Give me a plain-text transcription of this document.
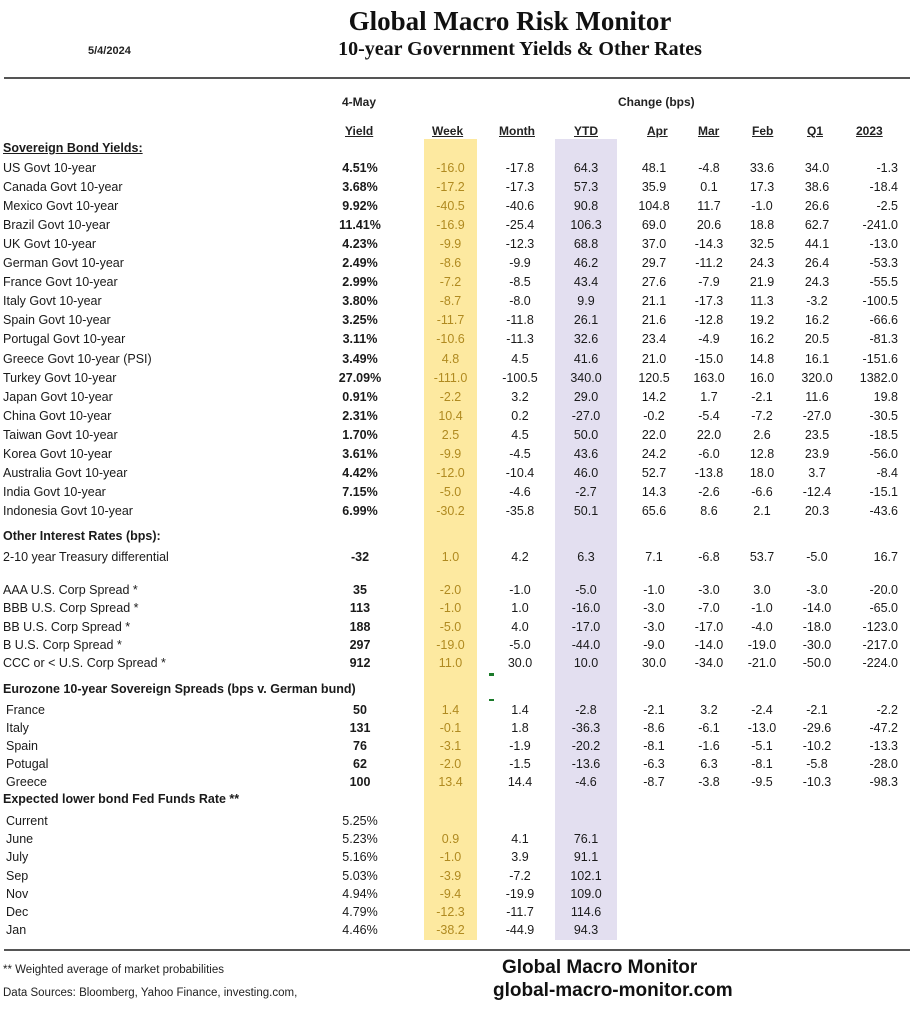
Global Macro Risk Monitor
10-year Government Yields & Other Rates
5/4/2024
4-May	Change (bps)
Yield	Week	Month	YTD	Apr	Mar	Feb	Q1	2023
Sovereign Bond Yields:
US Govt 10-year	4.51%	-16.0	-17.8	64.3	48.1	-4.8	33.6	34.0	-1.3
Canada Govt 10-year	3.68%	-17.2	-17.3	57.3	35.9	0.1	17.3	38.6	-18.4
Mexico Govt 10-year	9.92%	-40.5	-40.6	90.8	104.8	11.7	-1.0	26.6	-2.5
Brazil Govt 10-year	11.41%	-16.9	-25.4	106.3	69.0	20.6	18.8	62.7	-241.0
UK Govt 10-year	4.23%	-9.9	-12.3	68.8	37.0	-14.3	32.5	44.1	-13.0
German Govt 10-year	2.49%	-8.6	-9.9	46.2	29.7	-11.2	24.3	26.4	-53.3
France Govt 10-year	2.99%	-7.2	-8.5	43.4	27.6	-7.9	21.9	24.3	-55.5
Italy Govt 10-year	3.80%	-8.7	-8.0	9.9	21.1	-17.3	11.3	-3.2	-100.5
Spain Govt 10-year	3.25%	-11.7	-11.8	26.1	21.6	-12.8	19.2	16.2	-66.6
Portugal Govt 10-year	3.11%	-10.6	-11.3	32.6	23.4	-4.9	16.2	20.5	-81.3
Greece Govt 10-year (PSI)	3.49%	4.8	4.5	41.6	21.0	-15.0	14.8	16.1	-151.6
Turkey Govt 10-year	27.09%	-111.0	-100.5	340.0	120.5	163.0	16.0	320.0	1382.0
Japan Govt 10-year	0.91%	-2.2	3.2	29.0	14.2	1.7	-2.1	11.6	19.8
China Govt 10-year	2.31%	10.4	0.2	-27.0	-0.2	-5.4	-7.2	-27.0	-30.5
Taiwan Govt 10-year	1.70%	2.5	4.5	50.0	22.0	22.0	2.6	23.5	-18.5
Korea Govt 10-year	3.61%	-9.9	-4.5	43.6	24.2	-6.0	12.8	23.9	-56.0
Australia Govt 10-year	4.42%	-12.0	-10.4	46.0	52.7	-13.8	18.0	3.7	-8.4
India Govt 10-year	7.15%	-5.0	-4.6	-2.7	14.3	-2.6	-6.6	-12.4	-15.1
Indonesia Govt 10-year	6.99%	-30.2	-35.8	50.1	65.6	8.6	2.1	20.3	-43.6
Other Interest Rates (bps):
2-10 year Treasury differential	-32	1.0	4.2	6.3	7.1	-6.8	53.7	-5.0	16.7
AAA U.S. Corp Spread *	35	-2.0	-1.0	-5.0	-1.0	-3.0	3.0	-3.0	-20.0
BBB U.S. Corp Spread *	113	-1.0	1.0	-16.0	-3.0	-7.0	-1.0	-14.0	-65.0
BB U.S. Corp Spread *	188	-5.0	4.0	-17.0	-3.0	-17.0	-4.0	-18.0	-123.0
B U.S. Corp Spread *	297	-19.0	-5.0	-44.0	-9.0	-14.0	-19.0	-30.0	-217.0
CCC or < U.S. Corp Spread *	912	11.0	30.0	10.0	30.0	-34.0	-21.0	-50.0	-224.0
Eurozone 10-year Sovereign Spreads (bps v. German bund)
France	50	1.4	1.4	-2.8	-2.1	3.2	-2.4	-2.1	-2.2
Italy	131	-0.1	1.8	-36.3	-8.6	-6.1	-13.0	-29.6	-47.2
Spain	76	-3.1	-1.9	-20.2	-8.1	-1.6	-5.1	-10.2	-13.3
Potugal	62	-2.0	-1.5	-13.6	-6.3	6.3	-8.1	-5.8	-28.0
Greece	100	13.4	14.4	-4.6	-8.7	-3.8	-9.5	-10.3	-98.3
Expected lower bond Fed Funds Rate **
Current	5.25%
June	5.23%	0.9	4.1	76.1
July	5.16%	-1.0	3.9	91.1
Sep	5.03%	-3.9	-7.2	102.1
Nov	4.94%	-9.4	-19.9	109.0
Dec	4.79%	-12.3	-11.7	114.6
Jan	4.46%	-38.2	-44.9	94.3
** Weighted average of market probabilities
Data Sources: Bloomberg, Yahoo Finance, investing.com,
Global Macro Monitor
global-macro-monitor.com
